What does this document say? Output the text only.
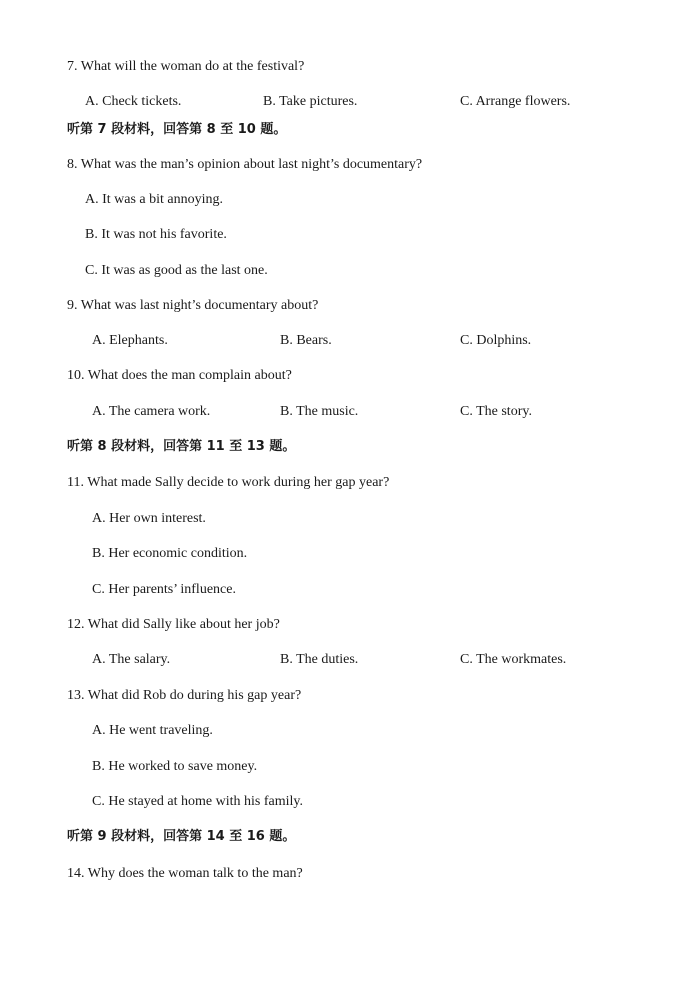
7. What will the woman do at the festival?
A. Check tickets.	B. Take pictures.	C. Arrange flowers.
听第 7 段材料，回答第 8 至 10 题。
8. What was the man’s opinion about last night’s documentary?
A. It was a bit annoying.
B. It was not his favorite.
C. It was as good as the last one.
9. What was last night’s documentary about?
A. Elephants.	B. Bears.	C. Dolphins.
10. What does the man complain about?
A. The camera work.	B. The music.	C. The story.
听第 8 段材料，回答第 11 至 13 题。
11. What made Sally decide to work during her gap year?
A. Her own interest.
B. Her economic condition.
C. Her parents’ influence.
12. What did Sally like about her job?
A. The salary.	B. The duties.	C. The workmates.
13. What did Rob do during his gap year?
A. He went traveling.
B. He worked to save money.
C. He stayed at home with his family.
听第 9 段材料，回答第 14 至 16 题。
14. Why does the woman talk to the man?
